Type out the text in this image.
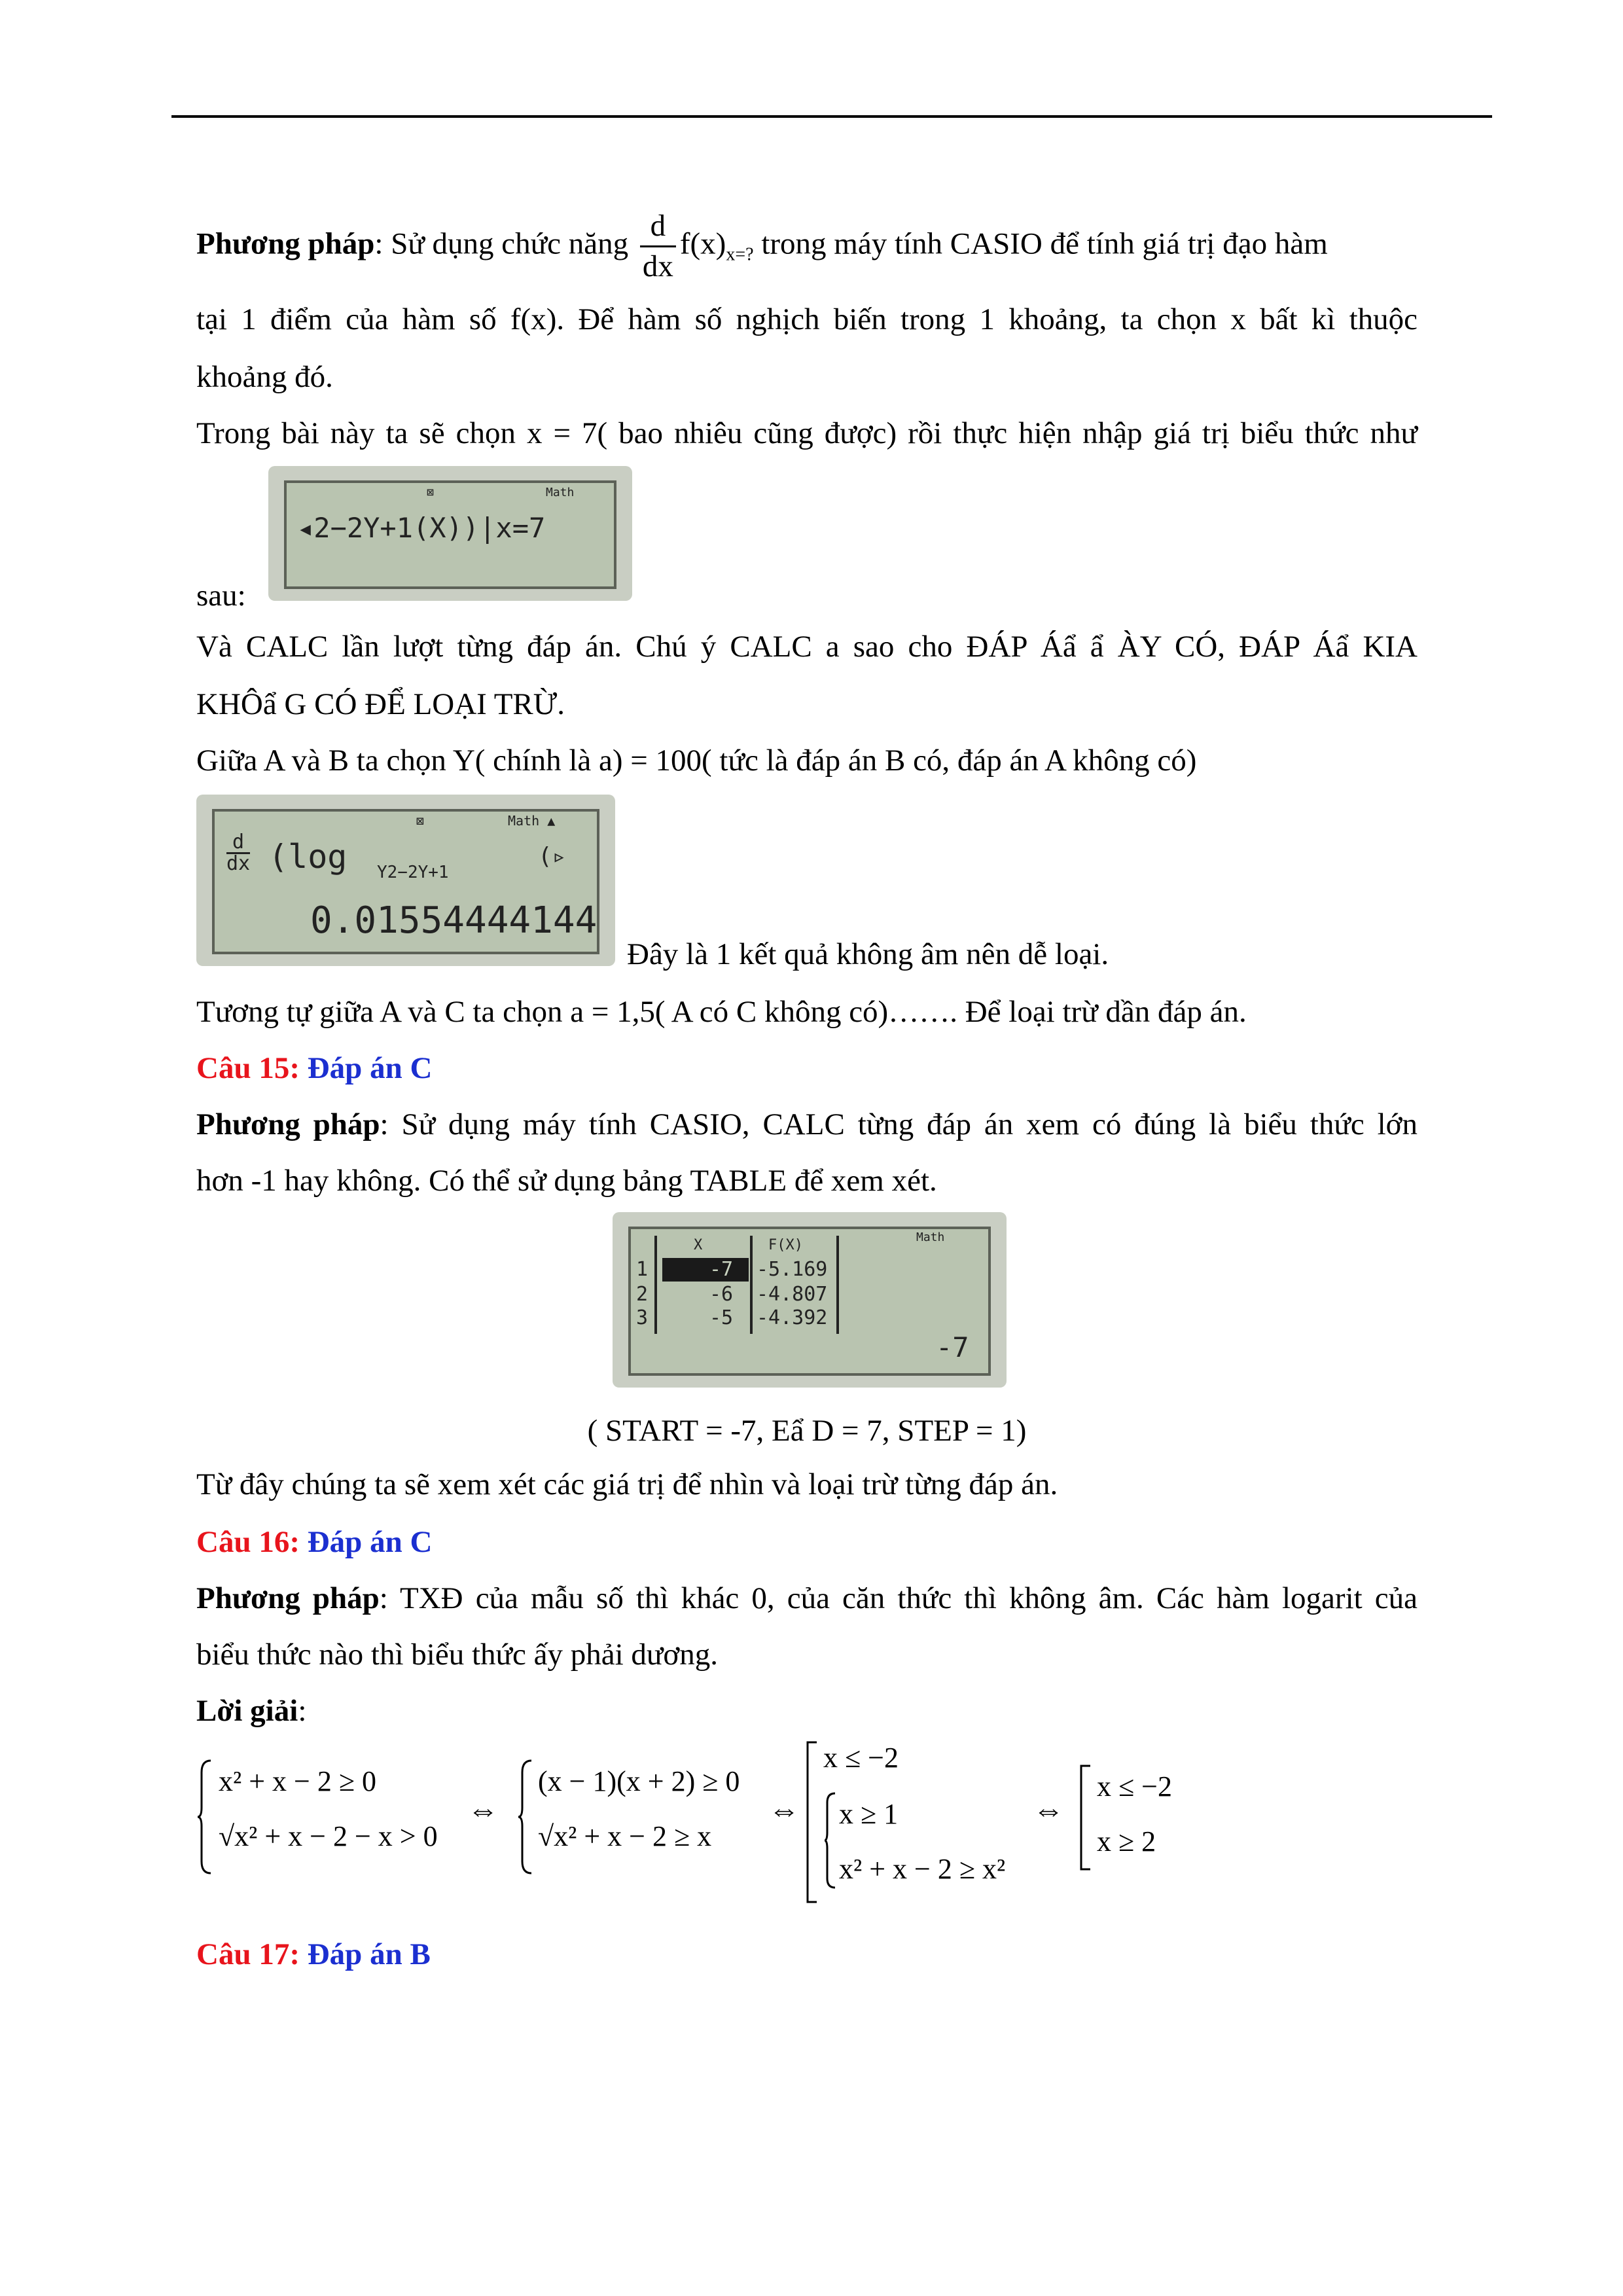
Phương pháp: Sử dụng chức năng $\frac{d}{dx} f(x)_{x=?}$ trong máy tính CASIO để tính giá trị đạo hàm
tại 1 điểm của hàm số f(x). Để hàm số nghịch biến trong 1 khoảng, ta chọn x bất kì thuộc
khoảng đó.
Trong bài này ta sẽ chọn x = 7( bao nhiêu cũng được) rồi thực hiện nhập giá trị biểu thức như
⊠	Math
◂2−2Y+1(X))|x=7
sau:
Và CALC lần lượt từng đáp án. Chú ý CALC a sao cho ĐÁP Áẩ ẩ ÀY CÓ, ĐÁP Áẩ KIA
KHÔẩ G CÓ ĐỂ LOẠI TRỪ.
Giữa A và B ta chọn Y( chính là a) = 100( tức là đáp án B có, đáp án A không có)
⊠	Math ▲
d
dx (log Y2−2Y+1
(▹
0.01554444144
Đây là 1 kết quả không âm nên dễ loại.
Tương tự giữa A và C ta chọn a = 1,5( A có C không có)……. Để loại trừ dần đáp án.
Câu 15: Đáp án C
Phương pháp: Sử dụng máy tính CASIO, CALC từng đáp án xem có đúng là biểu thức lớn
hơn -1 hay không. Có thể sử dụng bảng TABLE để xem xét.
Math
X	F(X)
1	-7 -5.169
2	-6 -4.807
3	-5 -4.392
-7
( START = -7, Eẩ D = 7, STEP = 1)
Từ đây chúng ta sẽ xem xét các giá trị để nhìn và loại trừ từng đáp án.
Câu 16: Đáp án C
Phương pháp: TXĐ của mẫu số thì khác 0, của căn thức thì không âm. Các hàm logarit của
biểu thức nào thì biểu thức ấy phải dương.
Lời giải:
x² + x − 2 ≥ 0
√x² + x − 2 − x > 0
⇔
(x − 1)(x + 2) ≥ 0
√x² + x − 2 ≥ x
⇔
x ≤ −2
x ≥ 1
x² + x − 2 ≥ x²
⇔
x ≤ −2
x ≥ 2
Câu 17: Đáp án B
